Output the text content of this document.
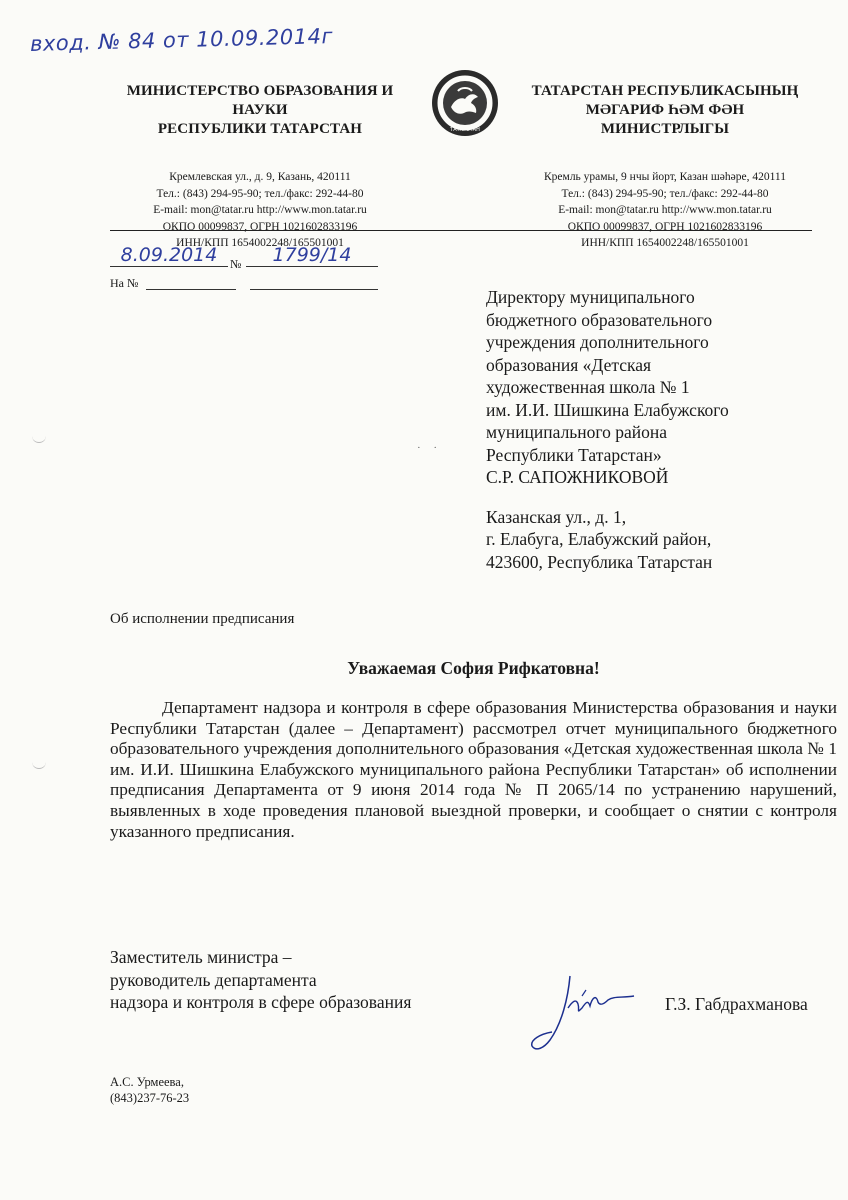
вход. № 84 от 10.09.2014г
МИНИСТЕРСТВО ОБРАЗОВАНИЯ И НАУКИ
РЕСПУБЛИКИ ТАТАРСТАН
Кремлевская ул., д. 9, Казань, 420111
Тел.: (843) 294-95-90; тел./факс: 292-44-80
E-mail: mon@tatar.ru http://www.mon.tatar.ru
ОКПО 00099837, ОГРН 1021602833196
ИНН/КПП 1654002248/165501001
ТАТАРСТАН
ТАТАРСТАН РЕСПУБЛИКАСЫНЫҢ
МӘГАРИФ ҺӘМ ФӘН МИНИСТРЛЫГЫ
Кремль урамы, 9 нчы йорт, Казан шәһәре, 420111
Тел.: (843) 294-95-90; тел./факс: 292-44-80
E-mail: mon@tatar.ru http://www.mon.tatar.ru
ОКПО 00099837, ОГРН 1021602833196
ИНН/КПП 1654002248/165501001
8.09.2014	№	1799/14
На №
Директору муниципального
бюджетного образовательного
учреждения дополнительного
образования «Детская
художественная школа № 1
им. И.И. Шишкина Елабужского
муниципального района
Республики Татарстан»
С.Р. САПОЖНИКОВОЙ
Казанская ул., д. 1,
г. Елабуга, Елабужский район,
423600, Республика Татарстан
Об исполнении предписания
Уважаемая София Рифкатовна!
Департамент надзора и контроля в сфере образования Министерства образования и науки Республики Татарстан (далее – Департамент) рассмотрел отчет муниципального бюджетного образовательного учреждения дополнительного образования «Детская художественная школа № 1 им. И.И. Шишкина Елабужского муниципального района Республики Татарстан» об исполнении предписания Департамента от 9 июня 2014 года № П 2065/14 по устранению нарушений, выявленных в ходе проведения плановой выездной проверки, и сообщает о снятии с контроля указанного предписания.
Заместитель министра –
руководитель департамента
надзора и контроля в сфере образования	Г.З. Габдрахманова
А.С. Урмеева,
(843)237-76-23
· ·
